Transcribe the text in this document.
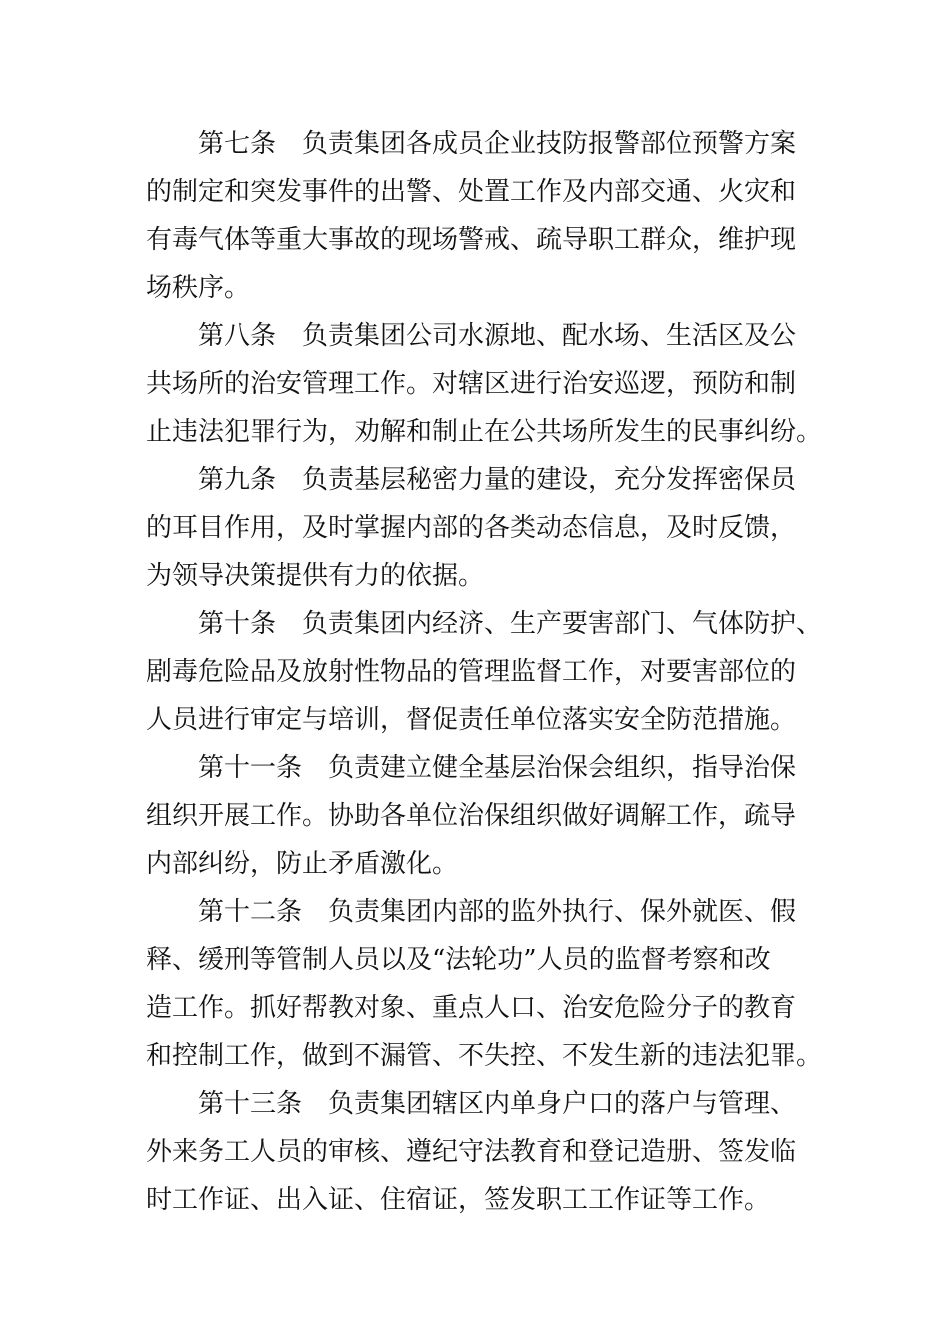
第七条 负责集团各成员企业技防报警部位预警方案
的制定和突发事件的出警、处置工作及内部交通、火灾和
有毒气体等重大事故的现场警戒、疏导职工群众，维护现
场秩序。

第八条 负责集团公司水源地、配水场、生活区及公
共场所的治安管理工作。对辖区进行治安巡逻，预防和制
止违法犯罪行为，劝解和制止在公共场所发生的民事纠纷。

第九条 负责基层秘密力量的建设，充分发挥密保员
的耳目作用，及时掌握内部的各类动态信息，及时反馈，
为领导决策提供有力的依据。

第十条 负责集团内经济、生产要害部门、气体防护、
剧毒危险品及放射性物品的管理监督工作，对要害部位的
人员进行审定与培训，督促责任单位落实安全防范措施。

第十一条 负责建立健全基层治保会组织，指导治保
组织开展工作。协助各单位治保组织做好调解工作，疏导
内部纠纷，防止矛盾激化。

第十二条 负责集团内部的监外执行、保外就医、假
释、缓刑等管制人员以及“法轮功”人员的监督考察和改
造工作。抓好帮教对象、重点人口、治安危险分子的教育
和控制工作，做到不漏管、不失控、不发生新的违法犯罪。

第十三条 负责集团辖区内单身户口的落户与管理、
外来务工人员的审核、遵纪守法教育和登记造册、签发临
时工作证、出入证、住宿证，签发职工工作证等工作。
